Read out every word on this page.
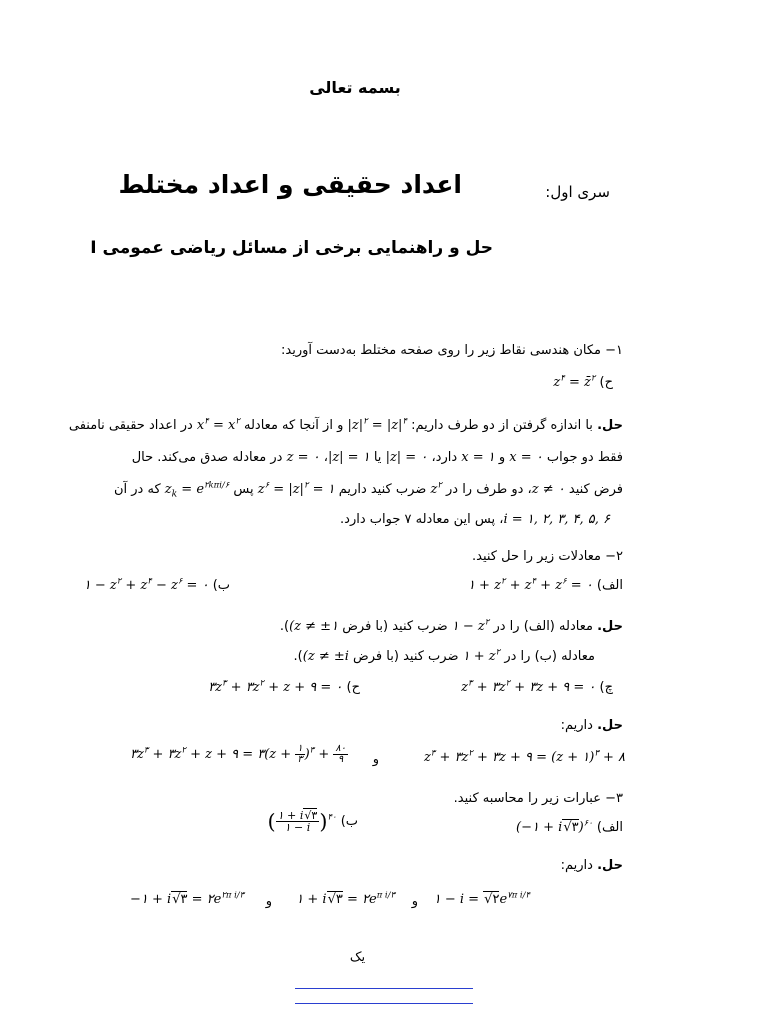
بسمه تعالی
سری اول:
اعداد حقیقی و اعداد مختلط
حل و راهنمایی برخی از مسائل ریاضی عمومی I
۱− مکان هندسی نقاط زیر را روی صفحه مختلط به‌دست آورید:
ح) $z^۴$ = z̄$^۲$
حل. با اندازه گرفتن از دو طرف داریم: $|z|^۲ = |z|^۴$ و از آنجا که معادله $x^۴ = x^۲$ در اعداد حقیقی نامنفی
فقط دو جواب x = ۰ و x = ۱ دارد، |z| = ۰ یا |z| = ۱، z = ۰ در معادله صدق می‌کند. حال
فرض کنید z ≠ ۰، دو طرف را در $z^۲$ ضرب کنید داریم $z^۶ = |z|^۲$ = ۱ پس $z_k = e^{۲k\pi i/۶}$ که در آن
i = ۱, ۲, ۳, ۴, ۵, ۶، پس این معادله ۷ جواب دارد.
۲− معادلات زیر را حل کنید.
الف) ۱ + $z^۲ + z^۴ + z^۶$ = ۰
ب) ۱ − $z^۲ + z^۴ - z^۶$ = ۰
حل. معادله (الف) را در ۱ − $z^۲$ ضرب کنید (با فرض (z ≠ ±۱).
معادله (ب) را در ۱ + $z^۲$ ضرب کنید (با فرض (z ≠ ±i).
چ) $z^۳$ + $۳z^۲$ + ۳z + ۹ = ۰
ح) $۳z^۳$ + $۳z^۲ + z$ + ۹ = ۰
حل. داریم:
$z^۳$ + $۳z^۲$ + ۳z + ۹ = (z + ۱)$^۳$ + ۸
و
$۳z^۳$ + $۳z^۲ + z$ + ۹ = ۳(z + $\frac{۱}{۳} )^۳ + \frac{۸۰}{۹}$
۳− عبارات زیر را محاسبه کنید.
الف) (−۱ + i√۳)$^{۶۰}$
ب) ( $\frac{۱ + i√۳}{۱ - i} )^{۴۰}$
حل. داریم:
۱ − $i = √۲e^{۷\pi i/۴}$
و
۱ + i√۳ = $۲e^{\pi i/۳}$
و
−۱ + i√۳ = $۲e^{۲\pi i/۳}$
یک
